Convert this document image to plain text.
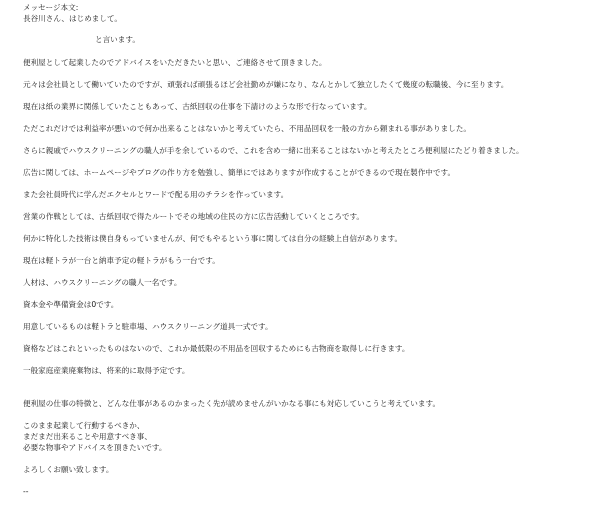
メッセージ本文:
長谷川さん、はじめまして。
と言います。
便利屋として起業したのでアドバイスをいただきたいと思い、ご連絡させて頂きました。
元々は会社員として働いていたのですが、頑張れば頑張るほど会社勤めが嫌になり、なんとかして独立したくて幾度の転職後、今に至ります。
現在は紙の業界に関係していたこともあって、古紙回収の仕事を下請けのような形で行なっています。
ただこれだけでは利益率が悪いので何か出来ることはないかと考えていたら、不用品回収を一般の方から頼まれる事がありました。
さらに親戚でハウスクリーニングの職人が手を余しているので、これを含め一緒に出来ることはないかと考えたところ便利屋にたどり着きました。
広告に関しては、ホームページやブログの作り方を勉強し、簡単にではありますが作成することができるので現在製作中です。
また会社員時代に学んだエクセルとワードで配る用のチラシを作っています。
営業の作戦としては、古紙回収で得たルートでその地域の住民の方に広告活動していくところです。
何かに特化した技術は僕自身もっていませんが、何でもやるという事に関しては自分の経験上自信があります。
現在は軽トラが一台と納車予定の軽トラがもう一台です。
人材は、ハウスクリーニングの職人一名です。
資本金や準備資金は0です。
用意しているものは軽トラと駐車場、ハウスクリーニング道具一式です。
資格などはこれといったものはないので、これか最低限の不用品を回収するためにも古物商を取得しに行きます。
一般家庭産業廃棄物は、将来的に取得予定です。
便利屋の仕事の特徴と、どんな仕事があるのかまったく先が読めませんがいかなる事にも対応していこうと考えています。
このまま起業して行動するべきか、
まだまだ出来ることや用意すべき事、
必要な物事やアドバイスを頂きたいです。
よろしくお願い致します。
--
